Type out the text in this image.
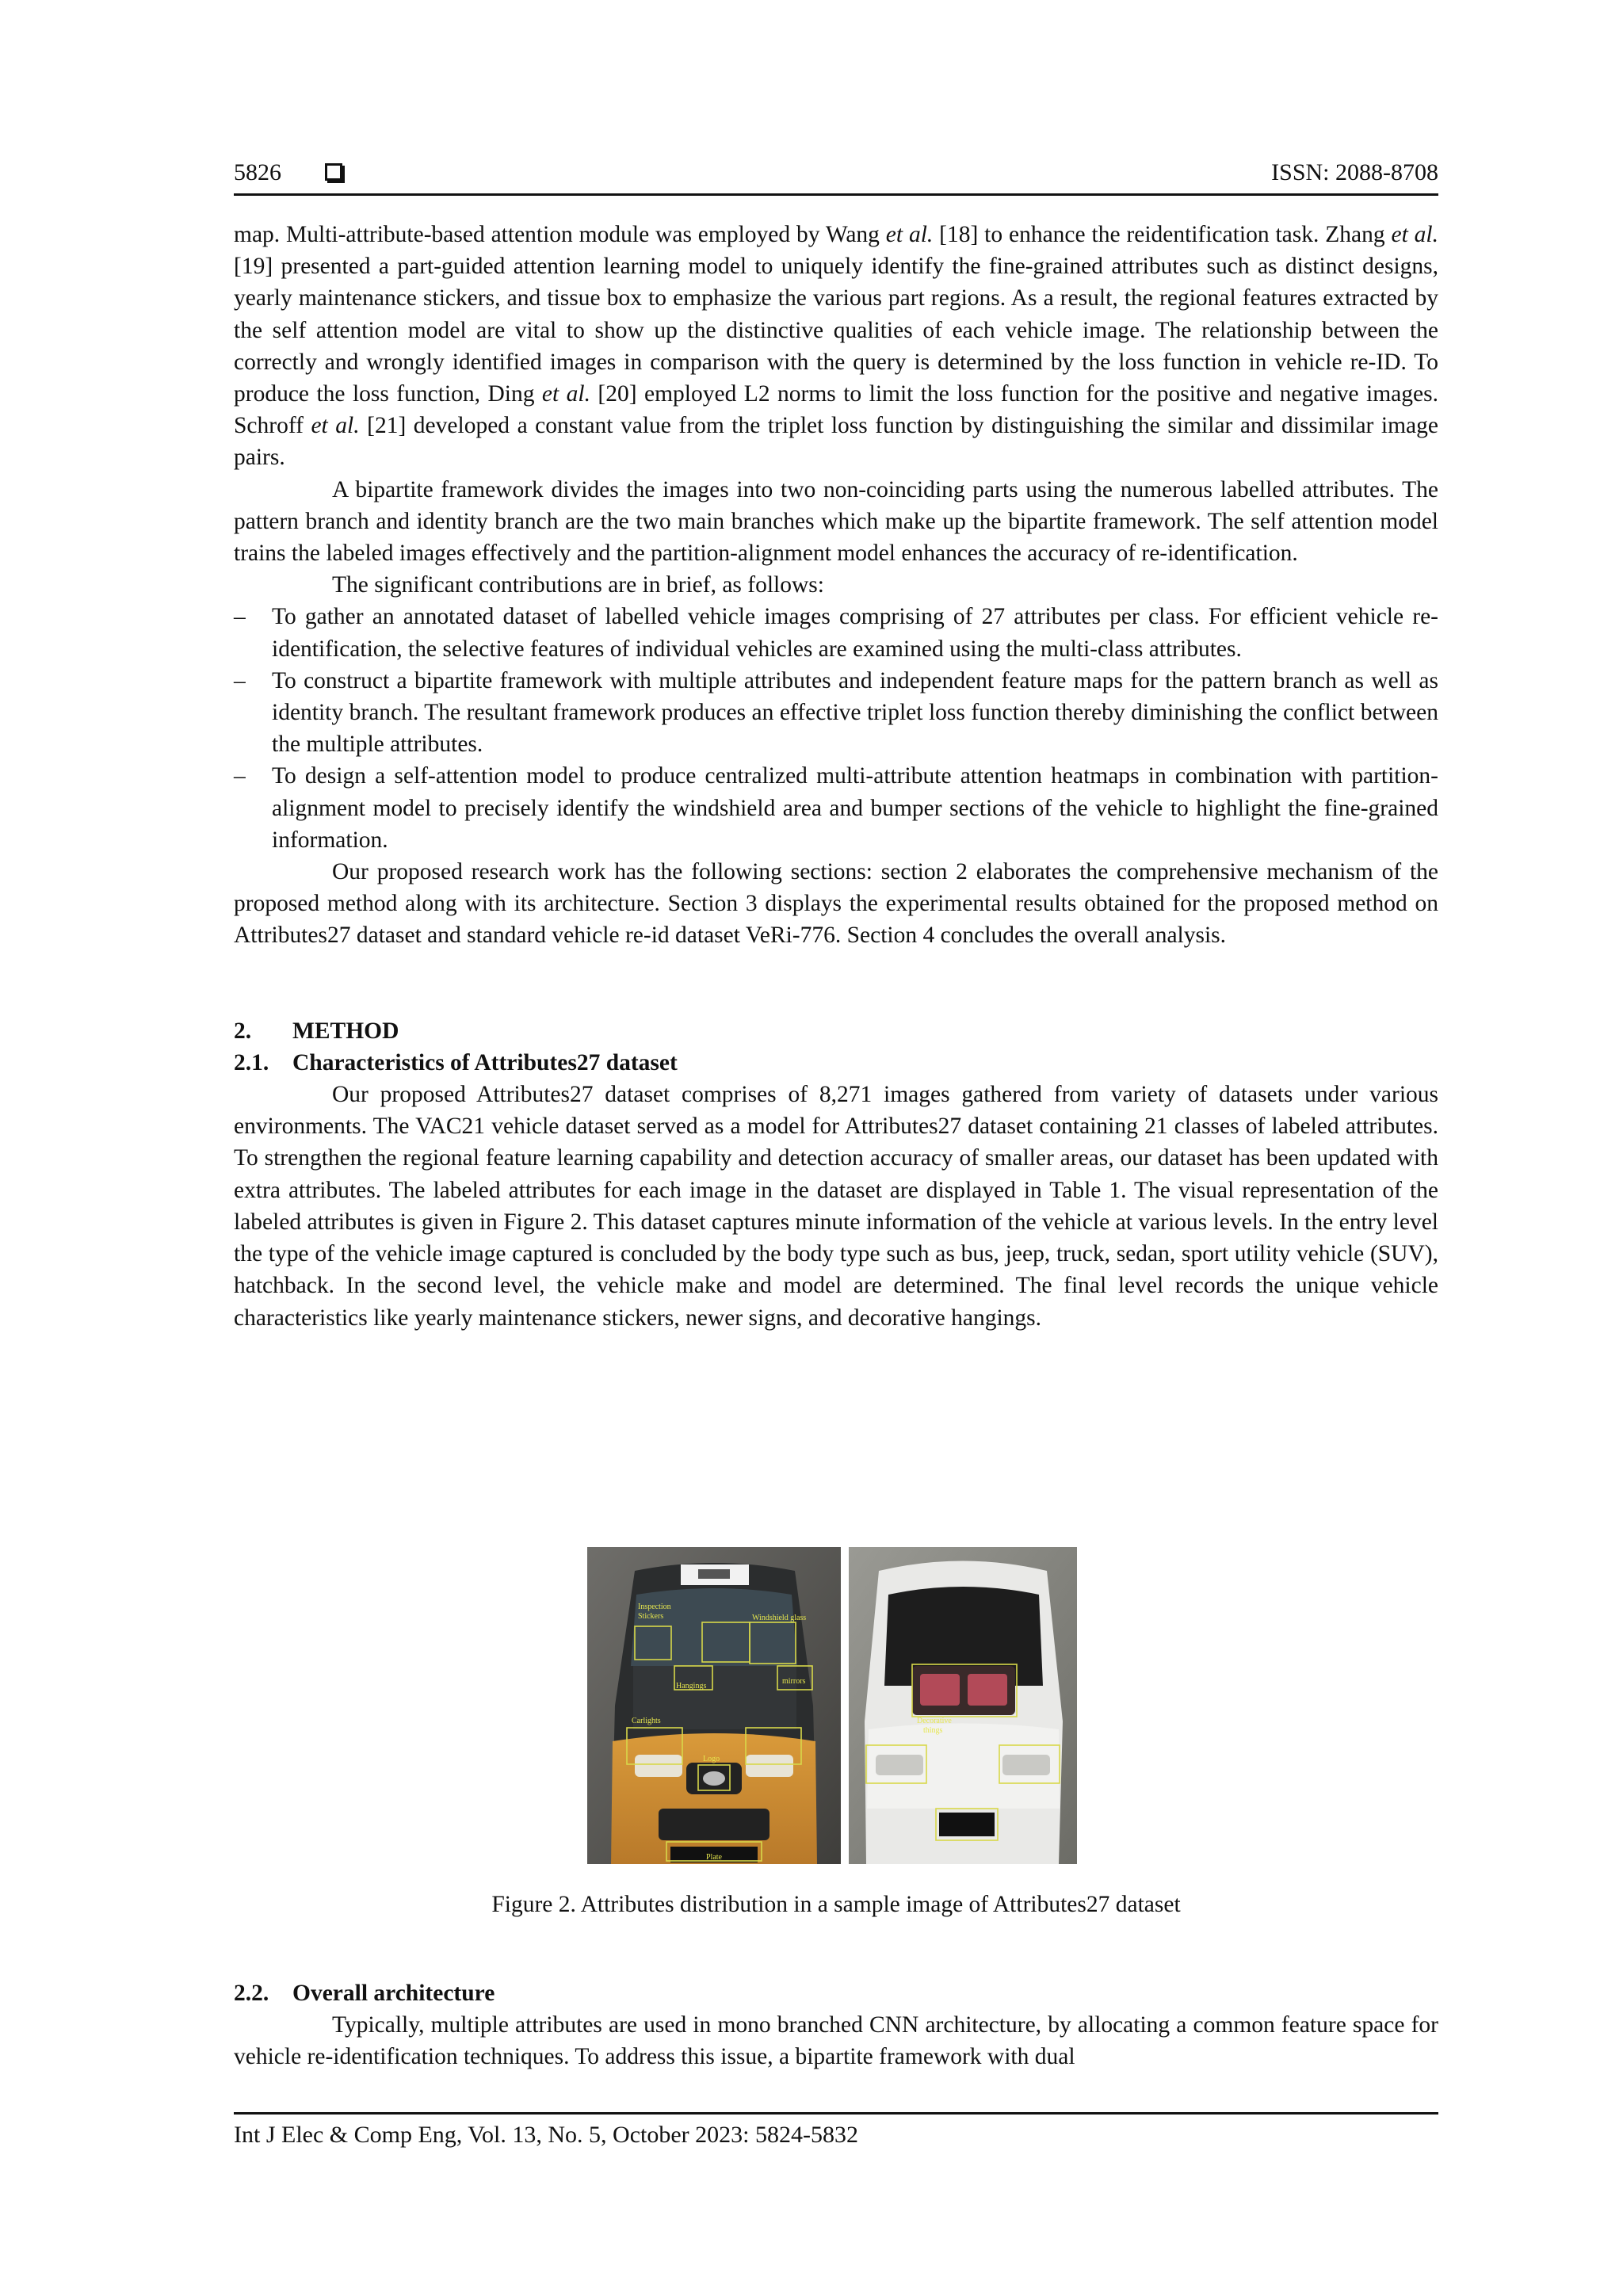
5826	ISSN: 2088-8708

map. Multi-attribute-based attention module was employed by Wang et al. [18] to enhance the reidentification task. Zhang et al. [19] presented a part-guided attention learning model to uniquely identify the fine-grained attributes such as distinct designs, yearly maintenance stickers, and tissue box to emphasize the various part regions. As a result, the regional features extracted by the self attention model are vital to show up the distinctive qualities of each vehicle image. The relationship between the correctly and wrongly identified images in comparison with the query is determined by the loss function in vehicle re-ID. To produce the loss function, Ding et al. [20] employed L2 norms to limit the loss function for the positive and negative images. Schroff et al. [21] developed a constant value from the triplet loss function by distinguishing the similar and dissimilar image pairs.

A bipartite framework divides the images into two non-coinciding parts using the numerous labelled attributes. The pattern branch and identity branch are the two main branches which make up the bipartite framework. The self attention model trains the labeled images effectively and the partition-alignment model enhances the accuracy of re-identification.

The significant contributions are in brief, as follows:

– To gather an annotated dataset of labelled vehicle images comprising of 27 attributes per class. For efficient vehicle re-identification, the selective features of individual vehicles are examined using the multi-class attributes.
– To construct a bipartite framework with multiple attributes and independent feature maps for the pattern branch as well as identity branch. The resultant framework produces an effective triplet loss function thereby diminishing the conflict between the multiple attributes.
– To design a self-attention model to produce centralized multi-attribute attention heatmaps in combination with partition-alignment model to precisely identify the windshield area and bumper sections of the vehicle to highlight the fine-grained information.

Our proposed research work has the following sections: section 2 elaborates the comprehensive mechanism of the proposed method along with its architecture. Section 3 displays the experimental results obtained for the proposed method on Attributes27 dataset and standard vehicle re-id dataset VeRi-776. Section 4 concludes the overall analysis.

2. METHOD

2.1. Characteristics of Attributes27 dataset

Our proposed Attributes27 dataset comprises of 8,271 images gathered from variety of datasets under various environments. The VAC21 vehicle dataset served as a model for Attributes27 dataset containing 21 classes of labeled attributes. To strengthen the regional feature learning capability and detection accuracy of smaller areas, our dataset has been updated with extra attributes. The labeled attributes for each image in the dataset are displayed in Table 1. The visual representation of the labeled attributes is given in Figure 2. This dataset captures minute information of the vehicle at various levels. In the entry level the type of the vehicle image captured is concluded by the body type such as bus, jeep, truck, sedan, sport utility vehicle (SUV), hatchback. In the second level, the vehicle make and model are determined. The final level records the unique vehicle characteristics like yearly maintenance stickers, newer signs, and decorative hangings.

Inspection
Stickers	Windshield glass
Hangings
mirrors
Carlights
Logo
Plate
Decorative
things
Figure 2. Attributes distribution in a sample image of Attributes27 dataset

2.2. Overall architecture

Typically, multiple attributes are used in mono branched CNN architecture, by allocating a common feature space for vehicle re-identification techniques. To address this issue, a bipartite framework with dual

Int J Elec & Comp Eng, Vol. 13, No. 5, October 2023: 5824-5832
